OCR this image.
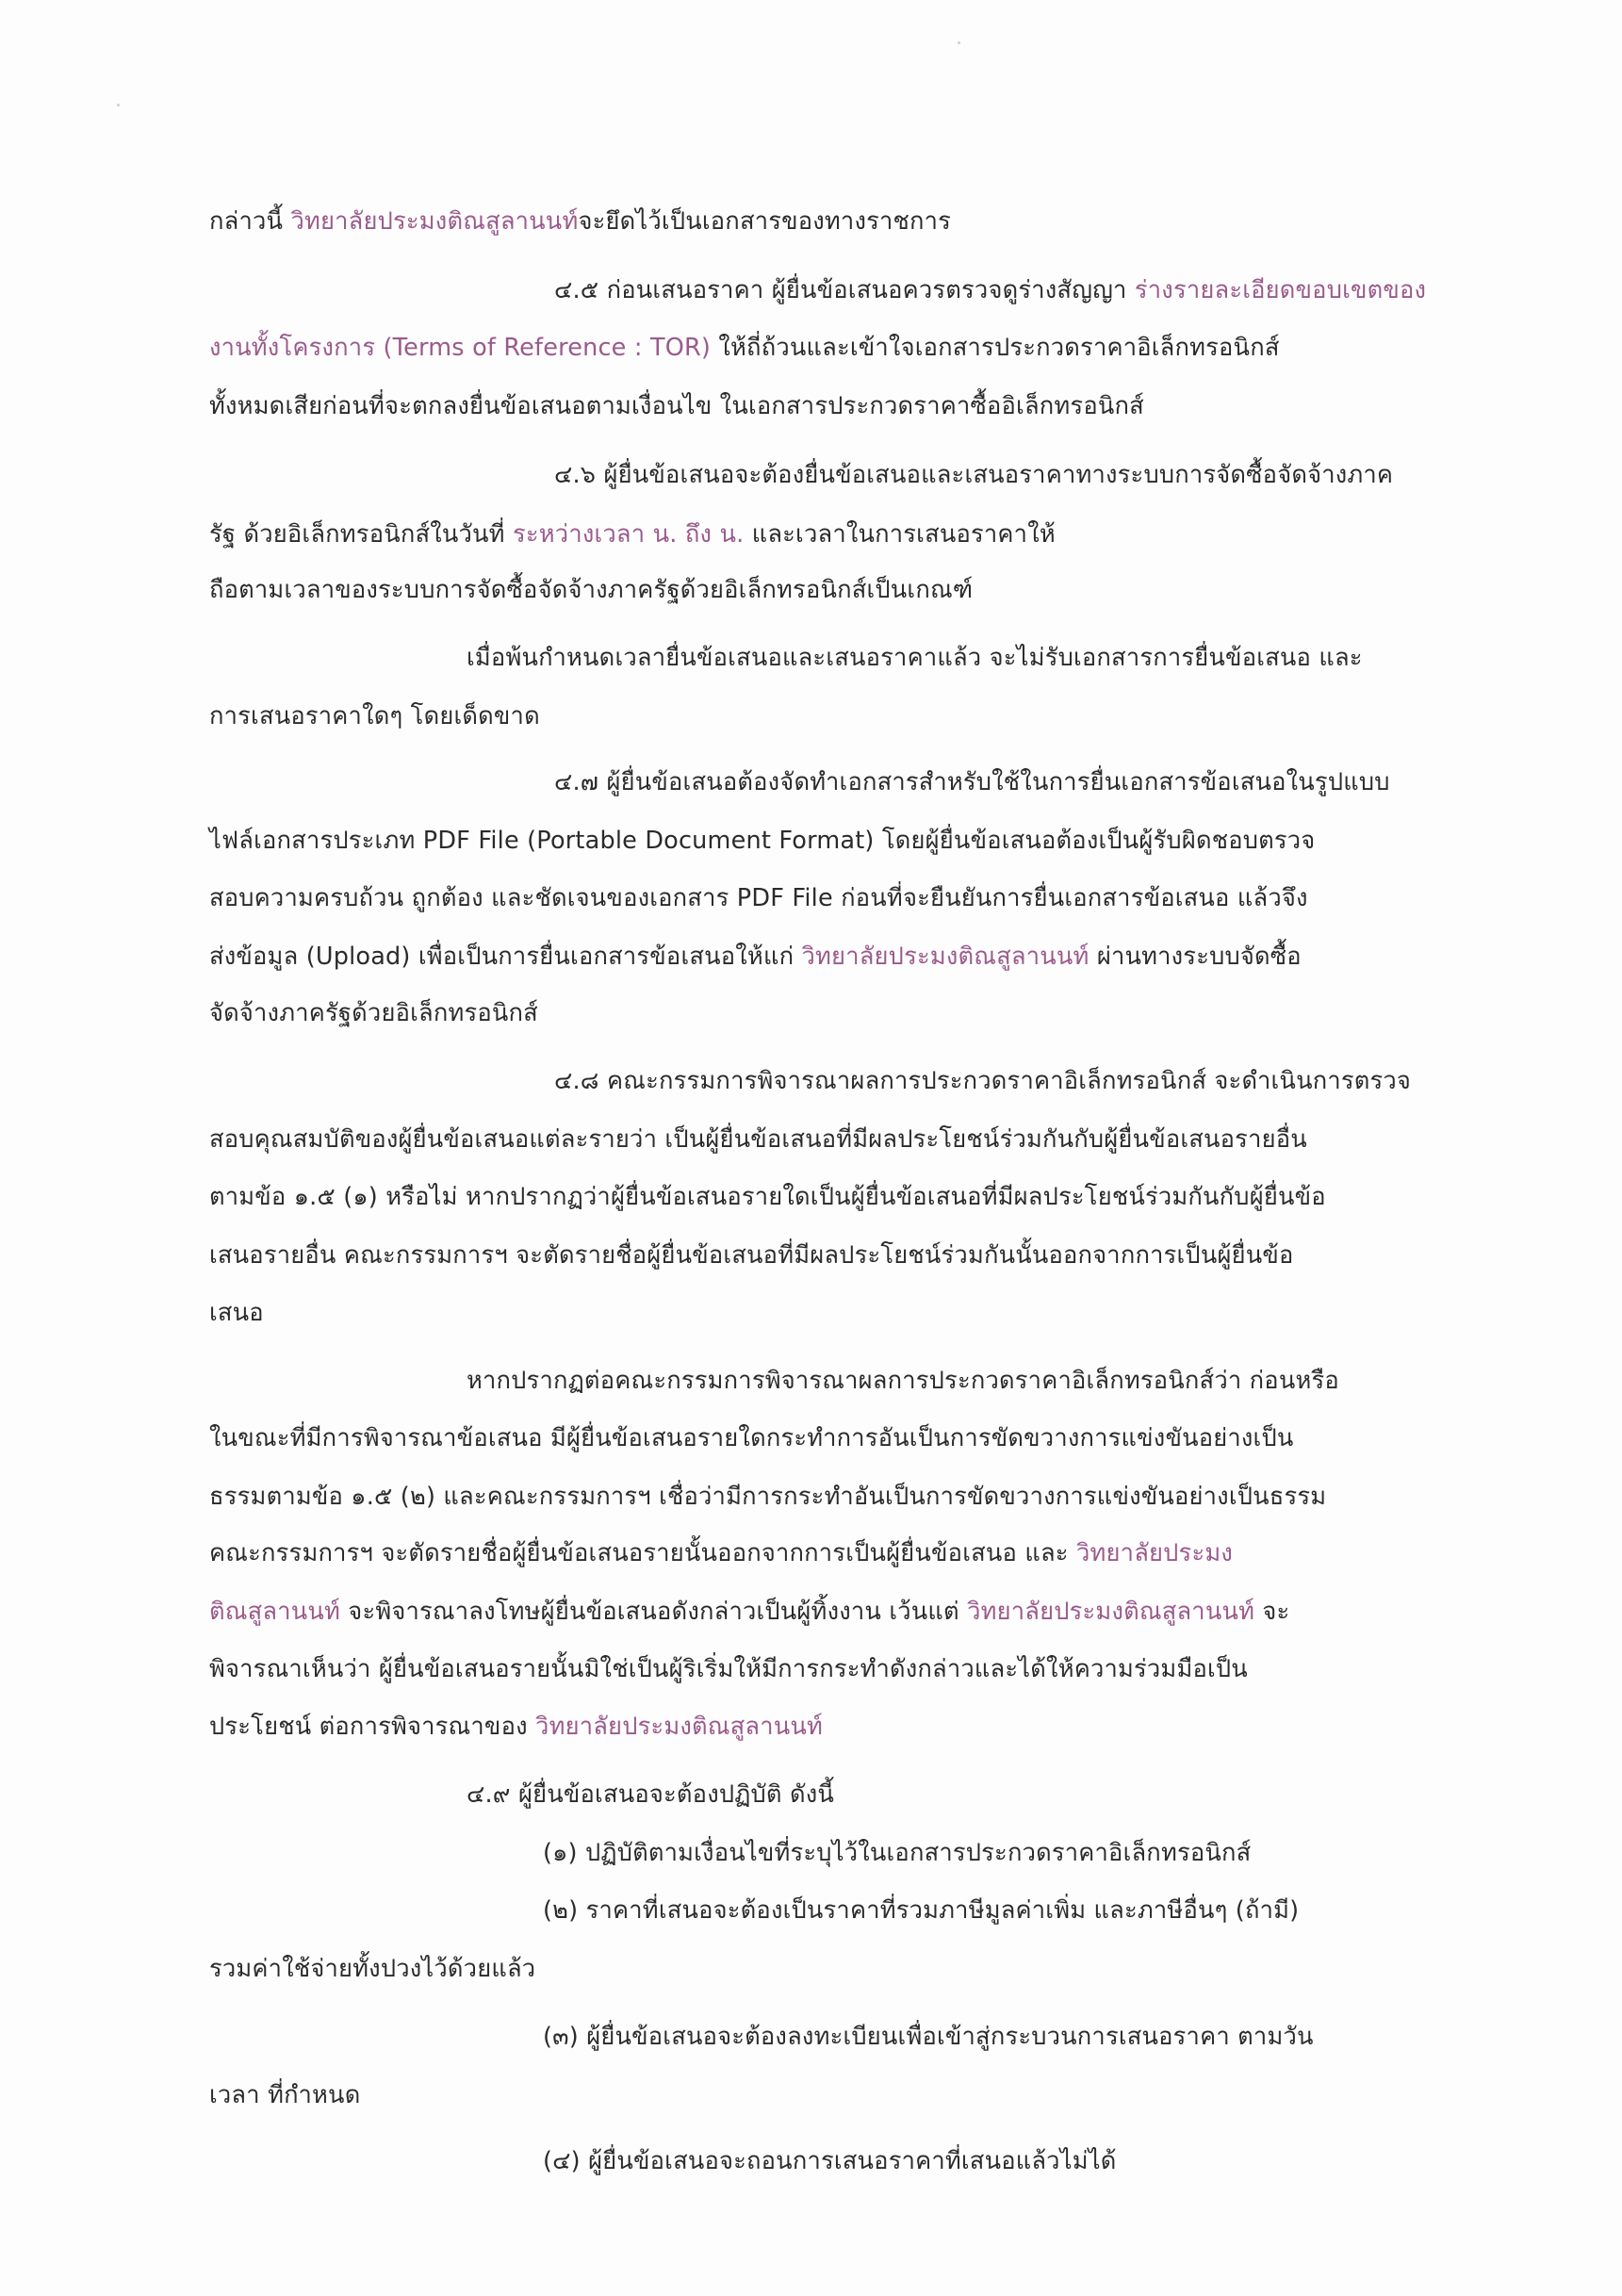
กล่าวนี้ วิทยาลัยประมงติณสูลานนท์จะยึดไว้เป็นเอกสารของทางราชการ
๔.๕ ก่อนเสนอราคา ผู้ยื่นข้อเสนอควรตรวจดูร่างสัญญา ร่างรายละเอียดขอบเขตของ
งานทั้งโครงการ (Terms of Reference : TOR) ให้ถี่ถ้วนและเข้าใจเอกสารประกวดราคาอิเล็กทรอนิกส์
ทั้งหมดเสียก่อนที่จะตกลงยื่นข้อเสนอตามเงื่อนไข ในเอกสารประกวดราคาซื้ออิเล็กทรอนิกส์
๔.๖ ผู้ยื่นข้อเสนอจะต้องยื่นข้อเสนอและเสนอราคาทางระบบการจัดซื้อจัดจ้างภาค
รัฐ ด้วยอิเล็กทรอนิกส์ในวันที่ ระหว่างเวลา น. ถึง น. และเวลาในการเสนอราคาให้
ถือตามเวลาของระบบการจัดซื้อจัดจ้างภาครัฐด้วยอิเล็กทรอนิกส์เป็นเกณฑ์
เมื่อพ้นกำหนดเวลายื่นข้อเสนอและเสนอราคาแล้ว จะไม่รับเอกสารการยื่นข้อเสนอ และ
การเสนอราคาใดๆ โดยเด็ดขาด
๔.๗ ผู้ยื่นข้อเสนอต้องจัดทำเอกสารสำหรับใช้ในการยื่นเอกสารข้อเสนอในรูปแบบ
ไฟล์เอกสารประเภท PDF File (Portable Document Format) โดยผู้ยื่นข้อเสนอต้องเป็นผู้รับผิดชอบตรวจ
สอบความครบถ้วน ถูกต้อง และชัดเจนของเอกสาร PDF File ก่อนที่จะยืนยันการยื่นเอกสารข้อเสนอ แล้วจึง
ส่งข้อมูล (Upload) เพื่อเป็นการยื่นเอกสารข้อเสนอให้แก่ วิทยาลัยประมงติณสูลานนท์ ผ่านทางระบบจัดซื้อ
จัดจ้างภาครัฐด้วยอิเล็กทรอนิกส์
๔.๘ คณะกรรมการพิจารณาผลการประกวดราคาอิเล็กทรอนิกส์ จะดำเนินการตรวจ
สอบคุณสมบัติของผู้ยื่นข้อเสนอแต่ละรายว่า เป็นผู้ยื่นข้อเสนอที่มีผลประโยชน์ร่วมกันกับผู้ยื่นข้อเสนอรายอื่น
ตามข้อ ๑.๕ (๑) หรือไม่ หากปรากฏว่าผู้ยื่นข้อเสนอรายใดเป็นผู้ยื่นข้อเสนอที่มีผลประโยชน์ร่วมกันกับผู้ยื่นข้อ
เสนอรายอื่น คณะกรรมการฯ จะตัดรายชื่อผู้ยื่นข้อเสนอที่มีผลประโยชน์ร่วมกันนั้นออกจากการเป็นผู้ยื่นข้อ
เสนอ
หากปรากฏต่อคณะกรรมการพิจารณาผลการประกวดราคาอิเล็กทรอนิกส์ว่า ก่อนหรือ
ในขณะที่มีการพิจารณาข้อเสนอ มีผู้ยื่นข้อเสนอรายใดกระทำการอันเป็นการขัดขวางการแข่งขันอย่างเป็น
ธรรมตามข้อ ๑.๕ (๒) และคณะกรรมการฯ เชื่อว่ามีการกระทำอันเป็นการขัดขวางการแข่งขันอย่างเป็นธรรม
คณะกรรมการฯ จะตัดรายชื่อผู้ยื่นข้อเสนอรายนั้นออกจากการเป็นผู้ยื่นข้อเสนอ และ วิทยาลัยประมง
ติณสูลานนท์ จะพิจารณาลงโทษผู้ยื่นข้อเสนอดังกล่าวเป็นผู้ทิ้งงาน เว้นแต่ วิทยาลัยประมงติณสูลานนท์ จะ
พิจารณาเห็นว่า ผู้ยื่นข้อเสนอรายนั้นมิใช่เป็นผู้ริเริ่มให้มีการกระทำดังกล่าวและได้ให้ความร่วมมือเป็น
ประโยชน์ ต่อการพิจารณาของ วิทยาลัยประมงติณสูลานนท์
๔.๙ ผู้ยื่นข้อเสนอจะต้องปฏิบัติ ดังนี้
(๑) ปฏิบัติตามเงื่อนไขที่ระบุไว้ในเอกสารประกวดราคาอิเล็กทรอนิกส์
(๒) ราคาที่เสนอจะต้องเป็นราคาที่รวมภาษีมูลค่าเพิ่ม และภาษีอื่นๆ (ถ้ามี)
รวมค่าใช้จ่ายทั้งปวงไว้ด้วยแล้ว
(๓) ผู้ยื่นข้อเสนอจะต้องลงทะเบียนเพื่อเข้าสู่กระบวนการเสนอราคา ตามวัน
เวลา ที่กำหนด
(๔) ผู้ยื่นข้อเสนอจะถอนการเสนอราคาที่เสนอแล้วไม่ได้
